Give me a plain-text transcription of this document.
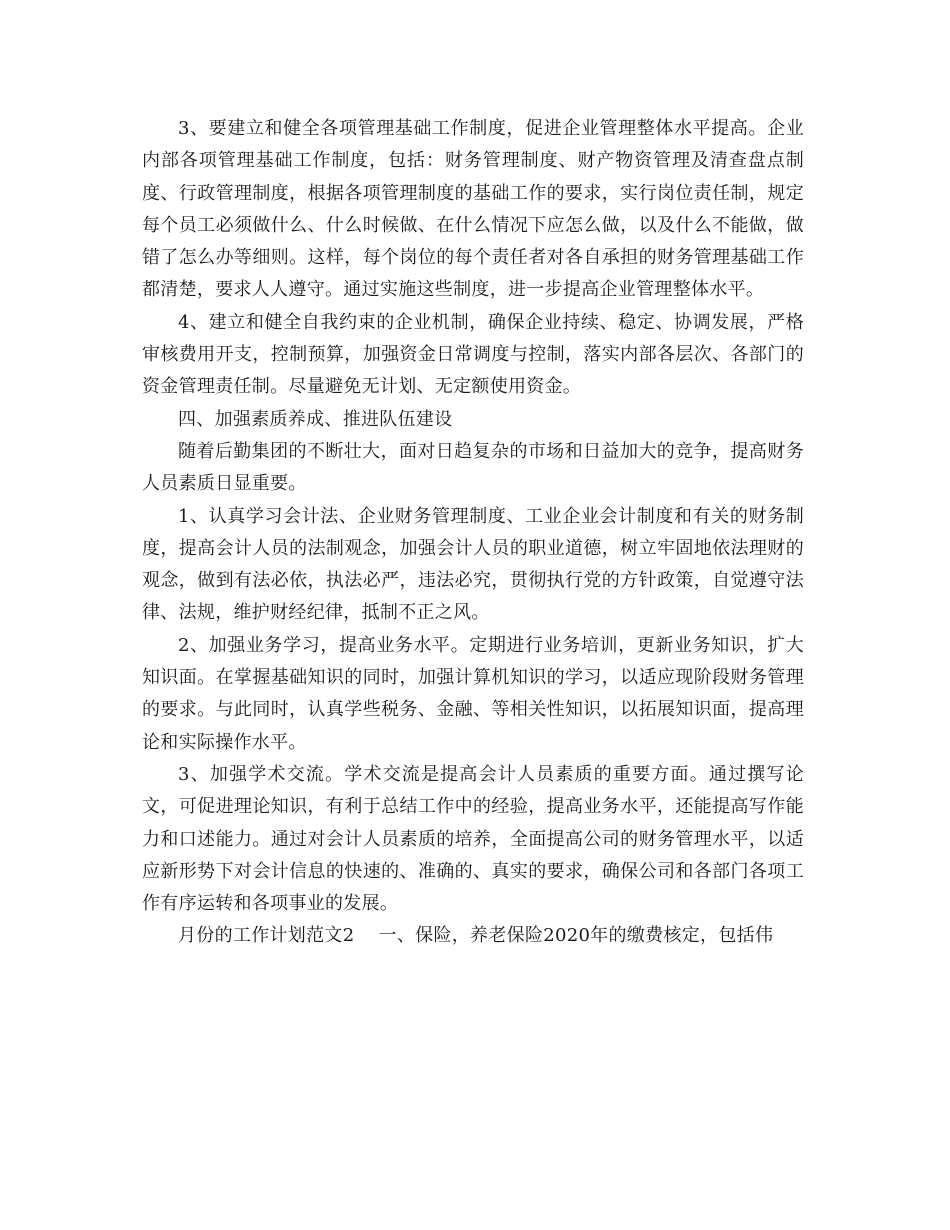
3、要建立和健全各项管理基础工作制度，促进企业管理整体水平提高。企业内部各项管理基础工作制度，包括：财务管理制度、财产物资管理及清查盘点制度、行政管理制度，根据各项管理制度的基础工作的要求，实行岗位责任制，规定每个员工必须做什么、什么时候做、在什么情况下应怎么做，以及什么不能做，做错了怎么办等细则。这样，每个岗位的每个责任者对各自承担的财务管理基础工作都清楚，要求人人遵守。通过实施这些制度，进一步提高企业管理整体水平。

4、建立和健全自我约束的企业机制，确保企业持续、稳定、协调发展，严格审核费用开支，控制预算，加强资金日常调度与控制，落实内部各层次、各部门的资金管理责任制。尽量避免无计划、无定额使用资金。

四、加强素质养成、推进队伍建设

随着后勤集团的不断壮大，面对日趋复杂的市场和日益加大的竞争，提高财务人员素质日显重要。

1、认真学习会计法、企业财务管理制度、工业企业会计制度和有关的财务制度，提高会计人员的法制观念，加强会计人员的职业道德，树立牢固地依法理财的观念，做到有法必依，执法必严，违法必究，贯彻执行党的方针政策，自觉遵守法律、法规，维护财经纪律，抵制不正之风。

2、加强业务学习，提高业务水平。定期进行业务培训，更新业务知识，扩大知识面。在掌握基础知识的同时，加强计算机知识的学习，以适应现阶段财务管理的要求。与此同时，认真学些税务、金融、等相关性知识，以拓展知识面，提高理论和实际操作水平。

3、加强学术交流。学术交流是提高会计人员素质的重要方面。通过撰写论文，可促进理论知识，有利于总结工作中的经验，提高业务水平，还能提高写作能力和口述能力。通过对会计人员素质的培养，全面提高公司的财务管理水平，以适应新形势下对会计信息的快速的、准确的、真实的要求，确保公司和各部门各项工作有序运转和各项事业的发展。

月份的工作计划范文2 一、保险，养老保险2020年的缴费核定，包括伟
